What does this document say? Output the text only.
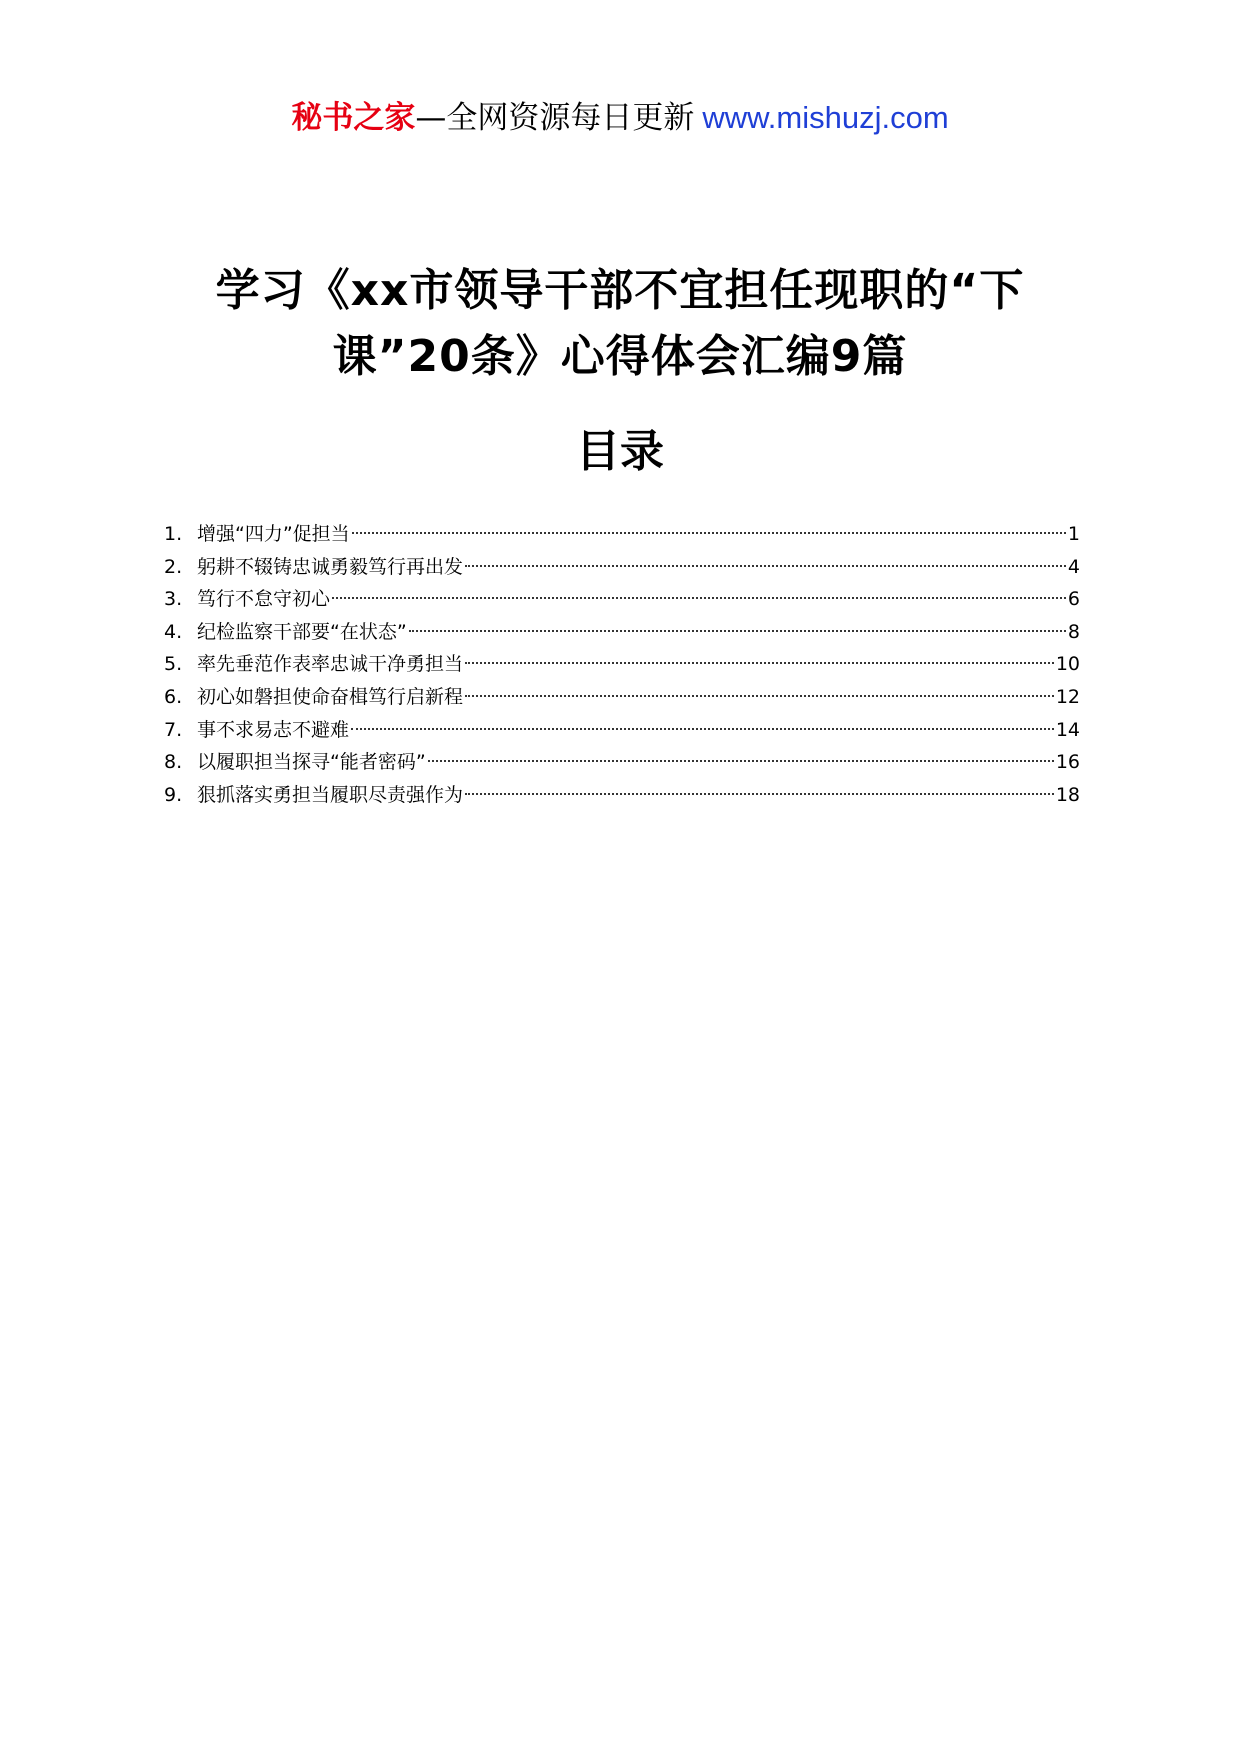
秘书之家—全网资源每日更新 www.mishuzj.com
学习《xx市领导干部不宜担任现职的“下
课”20条》心得体会汇编9篇
目录
1. 增强“四力”促担当	1
2. 躬耕不辍铸忠诚勇毅笃行再出发	4
3. 笃行不怠守初心	6
4. 纪检监察干部要“在状态”	8
5. 率先垂范作表率忠诚干净勇担当	10
6. 初心如磐担使命奋楫笃行启新程	12
7. 事不求易志不避难	14
8. 以履职担当探寻“能者密码”	16
9. 狠抓落实勇担当履职尽责强作为	18
